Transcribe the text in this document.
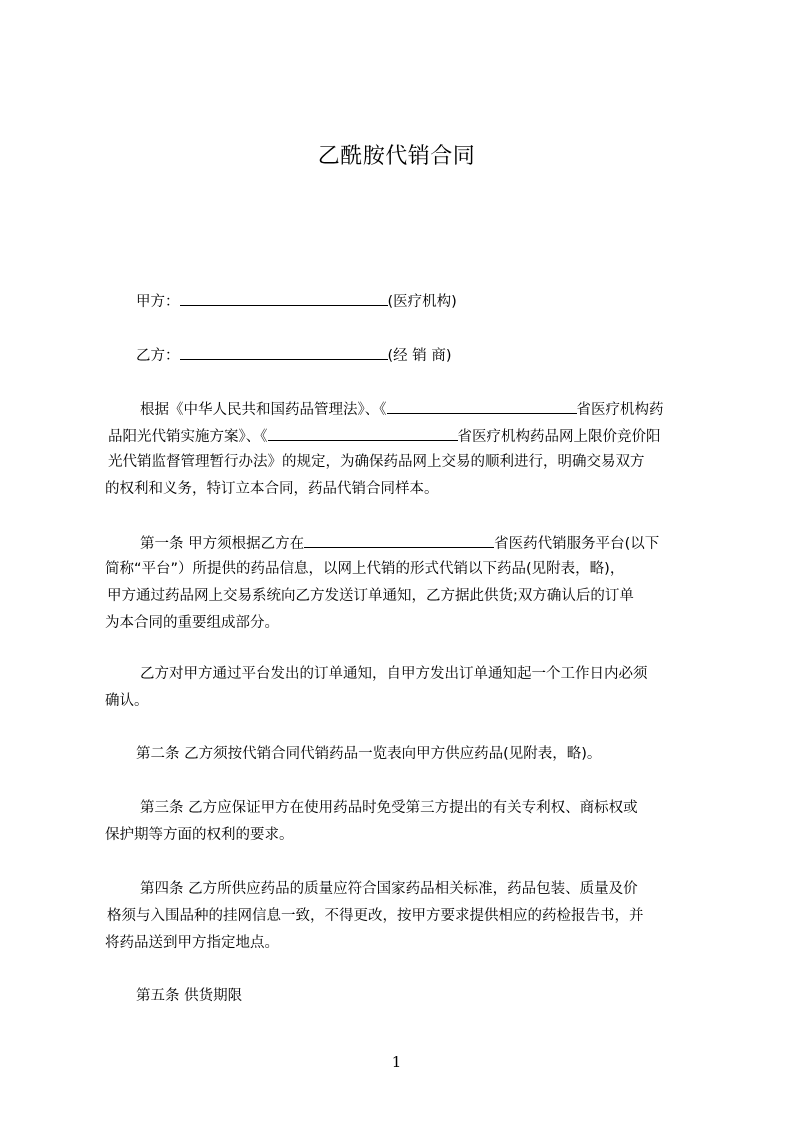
乙酰胺代销合同
甲方：	(医疗机构)
乙方：	(经 销 商)
根据《中华人民共和国药品管理法》、《	省医疗机构药
品阳光代销实施方案》、《	省医疗机构药品网上限价竞价阳
光代销监督管理暂行办法》的规定，为确保药品网上交易的顺利进行，明确交易双方
的权利和义务，特订立本合同，药品代销合同样本。
第一条 甲方须根据乙方在	省医药代销服务平台(以下
简称“平台”）所提供的药品信息，以网上代销的形式代销以下药品(见附表，略)，
甲方通过药品网上交易系统向乙方发送订单通知，乙方据此供货;双方确认后的订单
为本合同的重要组成部分。
乙方对甲方通过平台发出的订单通知，自甲方发出订单通知起一个工作日内必须
确认。
第二条 乙方须按代销合同代销药品一览表向甲方供应药品(见附表，略)。
第三条 乙方应保证甲方在使用药品时免受第三方提出的有关专利权、商标权或
保护期等方面的权利的要求。
第四条 乙方所供应药品的质量应符合国家药品相关标准，药品包装、质量及价
格须与入围品种的挂网信息一致，不得更改，按甲方要求提供相应的药检报告书，并
将药品送到甲方指定地点。
第五条 供货期限
1
